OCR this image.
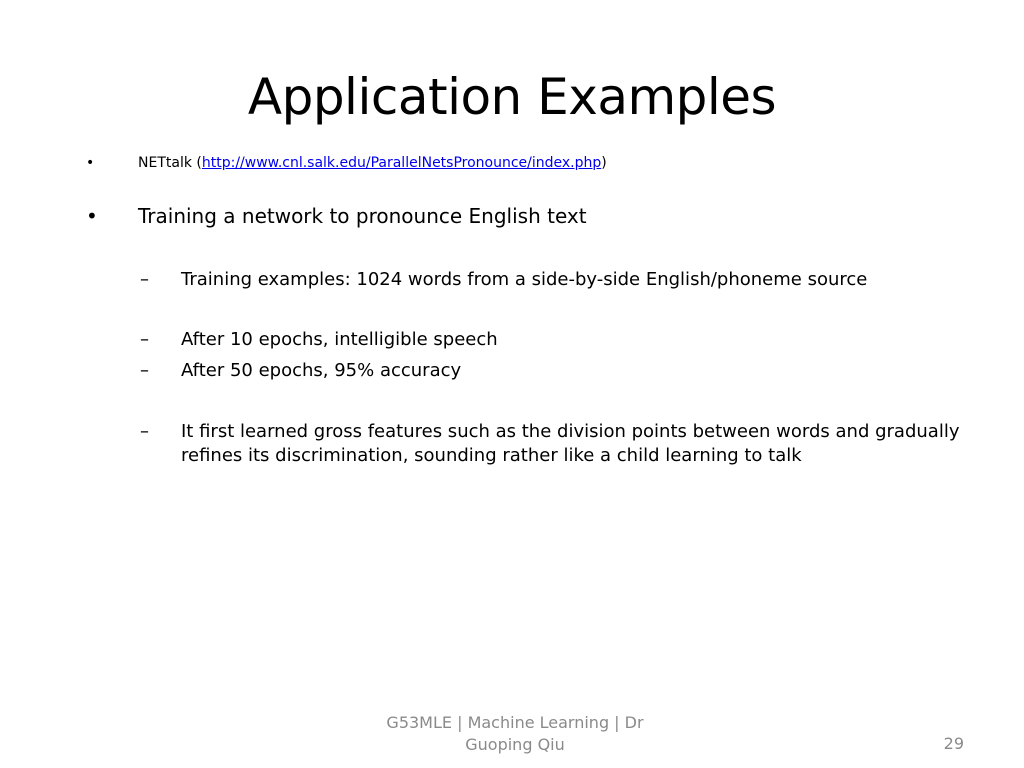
Application Examples
•	NETtalk (http://www.cnl.salk.edu/ParallelNetsPronounce/index.php)
• Training a network to pronounce English text
– Training examples: 1024 words from a side-by-side English/phoneme source
– After 10 epochs, intelligible speech
– After 50 epochs, 95% accuracy
– It first learned gross features such as the division points between words and gradually refines its discrimination, sounding rather like a child learning to talk
G53MLE | Machine Learning | Dr
Guoping Qiu	29
